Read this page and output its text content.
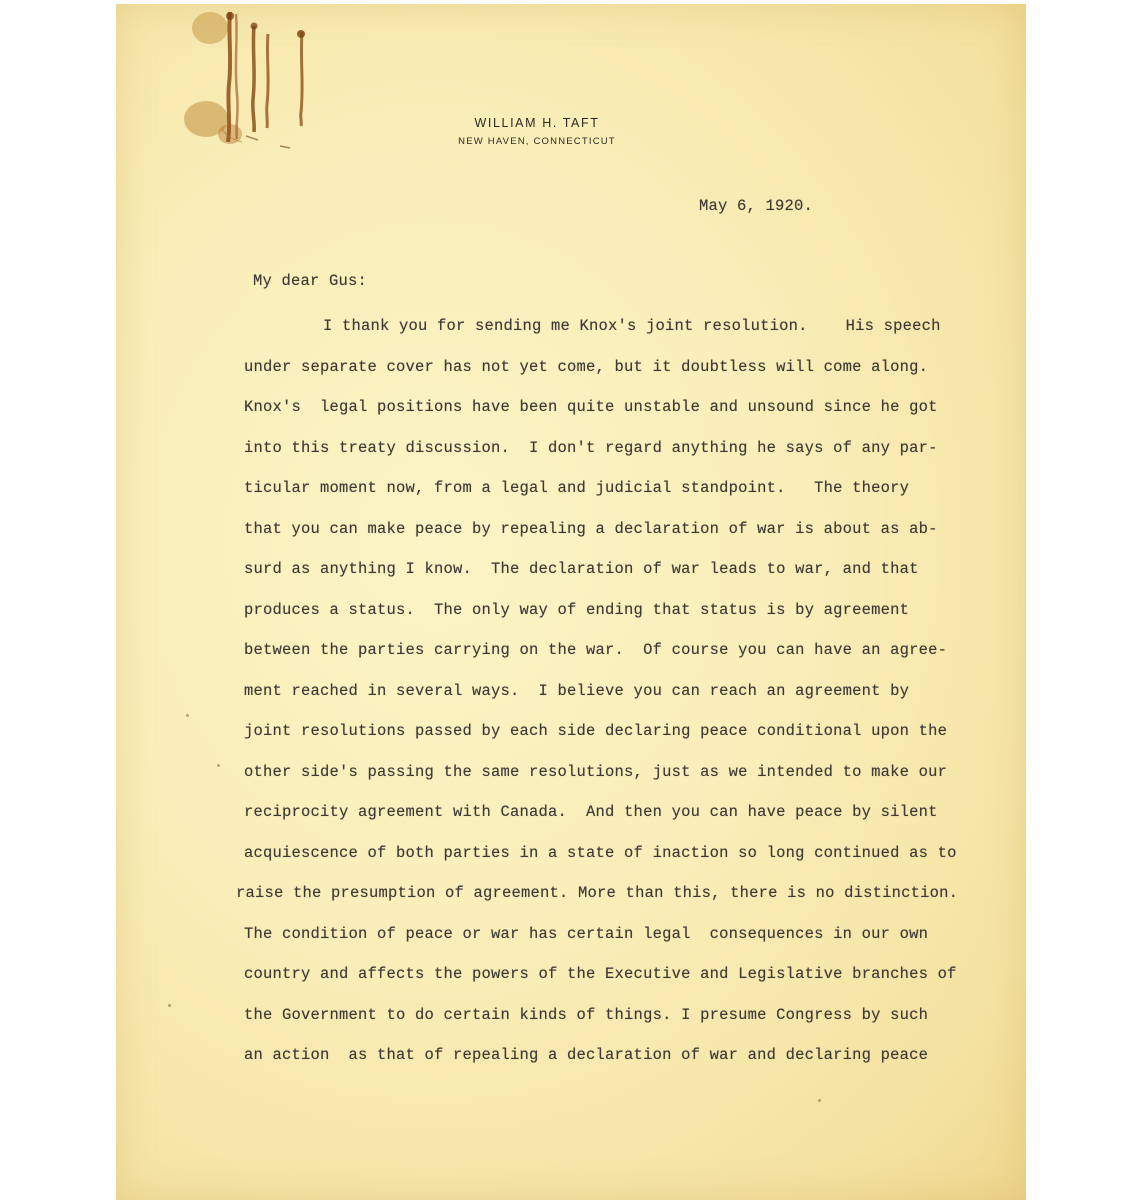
WILLIAM H. TAFT
NEW HAVEN, CONNECTICUT
May 6, 1920.
My dear Gus:
I thank you for sending me Knox's joint resolution.    His speech
under separate cover has not yet come, but it doubtless will come along.
Knox's  legal positions have been quite unstable and unsound since he got
into this treaty discussion.  I don't regard anything he says of any par-
ticular moment now, from a legal and judicial standpoint.   The theory
that you can make peace by repealing a declaration of war is about as ab-
surd as anything I know.  The declaration of war leads to war, and that
produces a status.  The only way of ending that status is by agreement
between the parties carrying on the war.  Of course you can have an agree-
ment reached in several ways.  I believe you can reach an agreement by
joint resolutions passed by each side declaring peace conditional upon the
other side's passing the same resolutions, just as we intended to make our
reciprocity agreement with Canada.  And then you can have peace by silent
acquiescence of both parties in a state of inaction so long continued as to
raise the presumption of agreement. More than this, there is no distinction.
The condition of peace or war has certain legal  consequences in our own
country and affects the powers of the Executive and Legislative branches of
the Government to do certain kinds of things. I presume Congress by such
an action  as that of repealing a declaration of war and declaring peace
